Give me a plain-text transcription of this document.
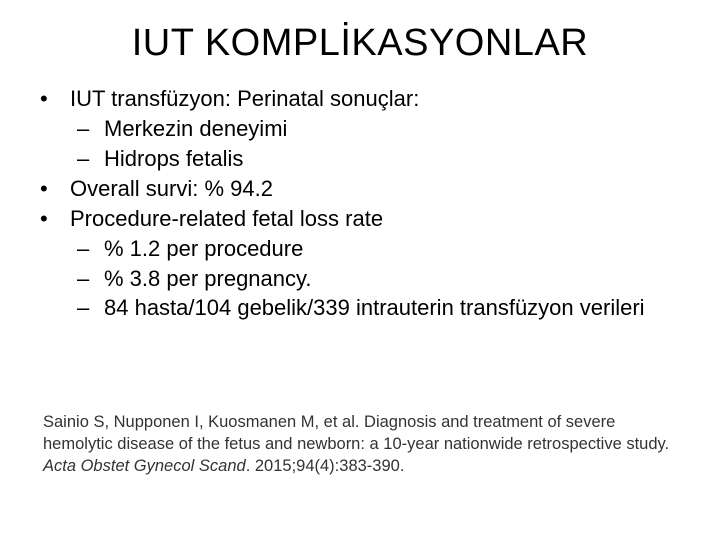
IUT KOMPLİKASYONLAR
•	IUT transfüzyon: Perinatal sonuçlar:
– Merkezin deneyimi
– Hidrops fetalis
•	Overall survi: % 94.2
•	Procedure-related fetal loss rate
– % 1.2 per procedure
– % 3.8 per pregnancy.
– 84 hasta/104 gebelik/339 intrauterin transfüzyon verileri

Sainio S, Nupponen I, Kuosmanen M, et al. Diagnosis and treatment of severe hemolytic disease of the fetus and newborn: a 10-year nationwide retrospective study. Acta Obstet Gynecol Scand. 2015;94(4):383-390.
